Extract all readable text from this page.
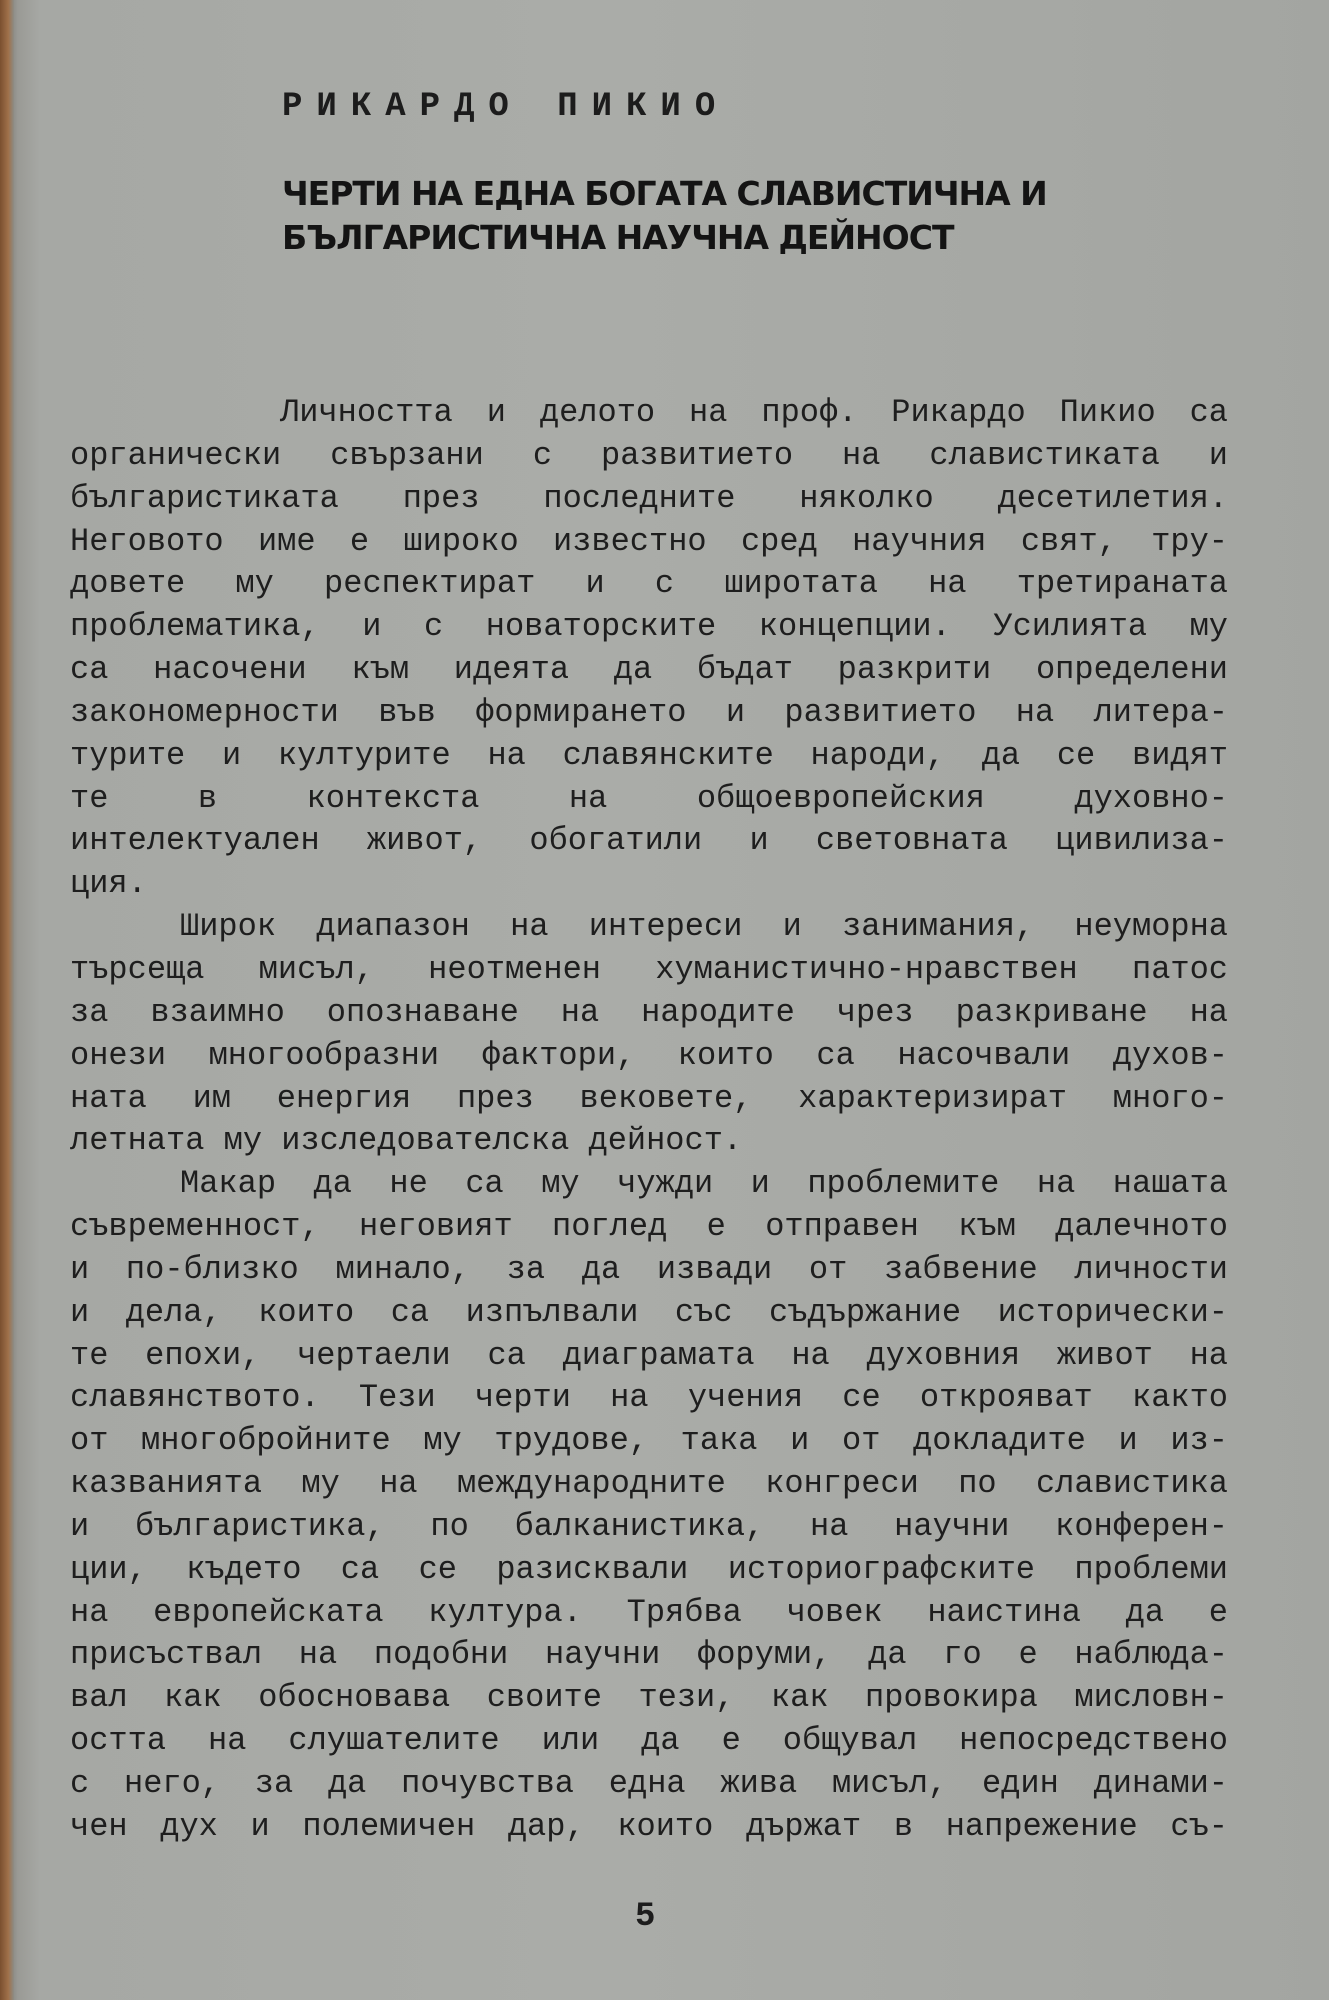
РИКАРДО ПИКИО
ЧЕРТИ НА ЕДНА БОГАТА СЛАВИСТИЧНА И
БЪЛГАРИСТИЧНА НАУЧНА ДЕЙНОСТ
Личността и делото на проф. Рикардо Пикио са
органически свързани с развитието на славистиката и
българистиката през последните няколко десетилетия.
Неговото име е широко известно сред научния свят, тру-
довете му респектират и с широтата на третираната
проблематика, и с новаторските концепции. Усилията му
са насочени към идеята да бъдат разкрити определени
закономерности във формирането и развитието на литера-
турите и културите на славянските народи, да се видят
те в контекста на общоевропейския духовно-
интелектуален живот, обогатили и световната цивилиза-
ция.
Широк диапазон на интереси и занимания, неуморна
търсеща мисъл, неотменен хуманистично-нравствен патос
за взаимно опознаване на народите чрез разкриване на
онези многообразни фактори, които са насочвали духов-
ната им енергия през вековете, характеризират много-
летната му изследователска дейност.
Макар да не са му чужди и проблемите на нашата
съвременност, неговият поглед е отправен към далечното
и по-близко минало, за да извади от забвение личности
и дела, които са изпълвали със съдържание исторически-
те епохи, чертаели са диаграмата на духовния живот на
славянството. Тези черти на учения се открояват както
от многобройните му трудове, така и от докладите и из-
казванията му на международните конгреси по славистика
и българистика, по балканистика, на научни конферен-
ции, където са се разисквали историографските проблеми
на европейската култура. Трябва човек наистина да е
присъствал на подобни научни форуми, да го е наблюда-
вал как обосновава своите тези, как провокира мисловн-
остта на слушателите или да е общувал непосредствено
с него, за да почувства една жива мисъл, един динами-
чен дух и полемичен дар, които държат в напрежение съ-
5
